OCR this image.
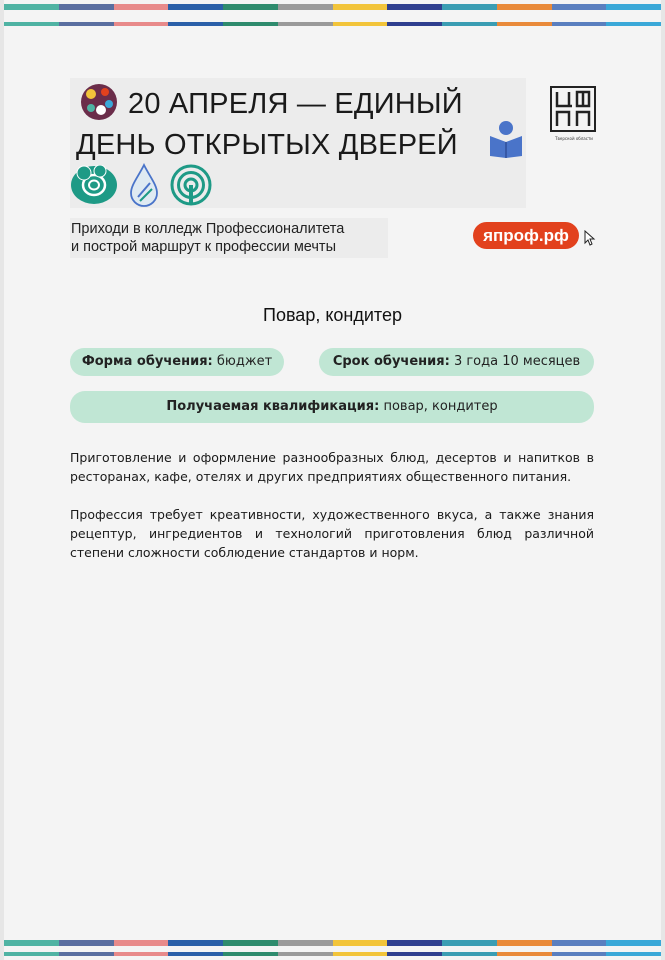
20 АПРЕЛЯ — ЕДИНЫЙ
ДЕНЬ ОТКРЫТЫХ ДВЕРЕЙ	Тверской области
Приходи в колледж Профессионалитета
и построй маршрут к профессии мечты
япроф.рф
Повар, кондитер
Форма обучения: бюджет	Срок обучения: 3 года 10 месяцев
Получаемая квалификация: повар, кондитер
Приготовление и оформление разнообразных блюд, десертов и напитков в ресторанах, кафе, отелях и других предприятиях общественного питания.
Профессия требует креативности, художественного вкуса, а также знания рецептур, ингредиентов и технологий приготовления блюд различной степени сложности соблюдение стандартов и норм.
